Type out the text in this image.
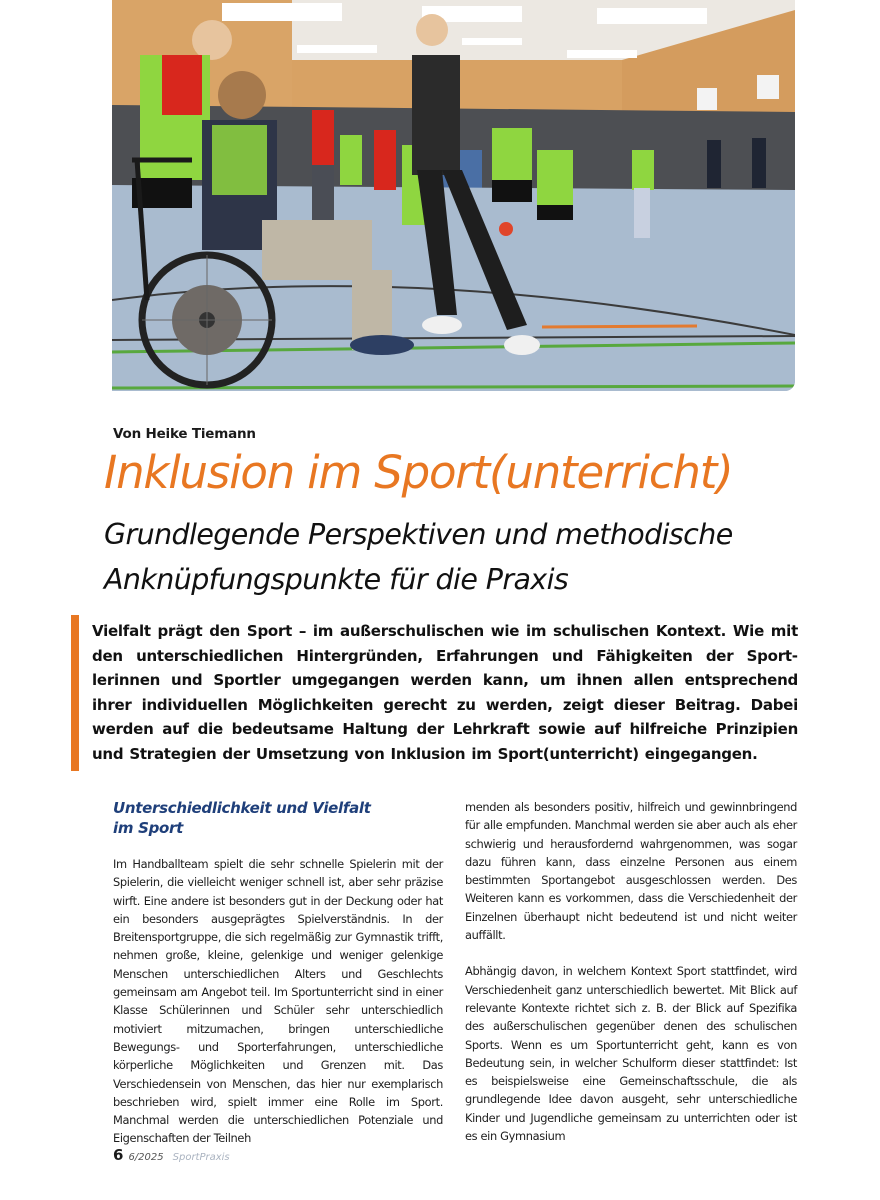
Von Heike Tiemann
Inklusion im Sport(unterricht)
Grundlegende Perspektiven und methodische
Anknüpfungspunkte für die Praxis

Vielfalt prägt den Sport – im außerschulischen wie im schulischen Kontext. Wie mit den unterschiedlichen Hintergründen, Erfahrungen und Fähigkeiten der Sportlerinnen und Sportler umgegangen werden kann, um ihnen allen entsprechend ihrer individuellen Möglichkeiten gerecht zu werden, zeigt dieser Beitrag. Dabei werden auf die bedeutsame Haltung der Lehrkraft sowie auf hilfreiche Prinzipien und Strategien der Umsetzung von Inklusion im Sport(unterricht) eingegangen.

Unterschiedlichkeit und Vielfalt
im Sport

Im Handballteam spielt die sehr schnelle Spielerin mit der Spielerin, die vielleicht weniger schnell ist, aber sehr präzise wirft. Eine andere ist besonders gut in der Deckung oder hat ein besonders ausgeprägtes Spielverständnis. In der Breitensportgruppe, die sich regelmäßig zur Gymnastik trifft, nehmen große, kleine, gelenkige und weniger gelenkige Menschen unterschiedlichen Alters und Geschlechts gemeinsam am Angebot teil. Im Sportunterricht sind in einer Klasse Schülerinnen und Schüler sehr unterschiedlich motiviert mitzumachen, bringen unterschiedliche Bewegungs- und Sporterfahrungen, unterschiedliche körperliche Möglichkeiten und Grenzen mit. Das Verschiedensein von Menschen, das hier nur exemplarisch beschrieben wird, spielt immer eine Rolle im Sport. Manchmal werden die unterschiedlichen Potenziale und Eigenschaften der Teilneh

menden als besonders positiv, hilfreich und gewinnbringend für alle empfunden. Manchmal werden sie aber auch als eher schwierig und herausfordernd wahrgenommen, was sogar dazu führen kann, dass einzelne Personen aus einem bestimmten Sportangebot ausgeschlossen werden. Des Weiteren kann es vorkommen, dass die Verschiedenheit der Einzelnen überhaupt nicht bedeutend ist und nicht weiter auffällt.

Abhängig davon, in welchem Kontext Sport stattfindet, wird Verschiedenheit ganz unterschiedlich bewertet. Mit Blick auf relevante Kontexte richtet sich z. B. der Blick auf Spezifika des außerschulischen gegenüber denen des schulischen Sports. Wenn es um Sportunterricht geht, kann es von Bedeutung sein, in welcher Schulform dieser stattfindet: Ist es beispielsweise eine Gemeinschaftsschule, die als grundlegende Idee davon ausgeht, sehr unterschiedliche Kinder und Jugendliche gemeinsam zu unterrichten oder ist es ein Gymnasium

6 6/2025 SportPraxis
